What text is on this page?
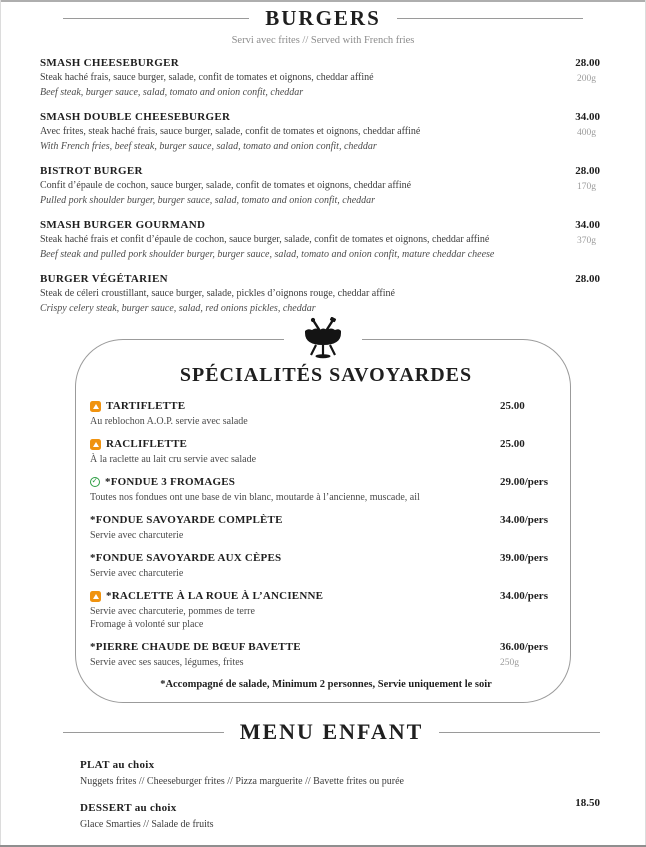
BURGERS
Servi avec frites // Served with French fries
SMASH CHEESEBURGER
Steak haché frais, sauce burger, salade, confit de tomates et oignons, cheddar affiné
Beef steak, burger sauce, salad, tomato and onion confit, cheddar
28.00
200g
SMASH DOUBLE CHEESEBURGER
Avec frites, steak haché frais, sauce burger, salade, confit de tomates et oignons, cheddar affiné
With French fries, beef steak, burger sauce, salad, tomato and onion confit, cheddar
34.00
400g
BISTROT BURGER
Confit d’épaule de cochon, sauce burger, salade, confit de tomates et oignons, cheddar affiné
Pulled pork shoulder burger, burger sauce, salad, tomato and onion confit, cheddar
28.00
170g
SMASH BURGER GOURMAND
Steak haché frais et confit d’épaule de cochon, sauce burger, salade, confit de tomates et oignons, cheddar affiné
Beef steak and pulled pork shoulder burger, burger sauce, salad, tomato and onion confit, mature cheddar cheese
34.00
370g
BURGER VÉGÉTARIEN
Steak de céleri croustillant, sauce burger, salade, pickles d’oignons rouge, cheddar affiné
Crispy celery steak, burger sauce, salad, red onions pickles, cheddar
28.00
SPÉCIALITÉS SAVOYARDES
TARTIFLETTE
Au reblochon A.O.P. servie avec salade
25.00
RACLIFLETTE
À la raclette au lait cru servie avec salade
25.00
✓
*FONDUE 3 FROMAGES
Toutes nos fondues ont une base de vin blanc, moutarde à l’ancienne, muscade, ail
29.00/pers
*FONDUE SAVOYARDE COMPLÈTE
Servie avec charcuterie
34.00/pers
*FONDUE SAVOYARDE AUX CÈPES
Servie avec charcuterie
39.00/pers
*RACLETTE À LA ROUE À L’ANCIENNE
Servie avec charcuterie, pommes de terre
Fromage à volonté sur place
34.00/pers
*PIERRE CHAUDE DE BŒUF BAVETTE
Servie avec ses sauces, légumes, frites
36.00/pers
250g
*Accompagné de salade, Minimum 2 personnes, Servie uniquement le soir
MENU ENFANT
PLAT au choix
Nuggets frites // Cheeseburger frites // Pizza marguerite // Bavette frites ou purée
DESSERT au choix
Glace Smarties // Salade de fruits
18.50
